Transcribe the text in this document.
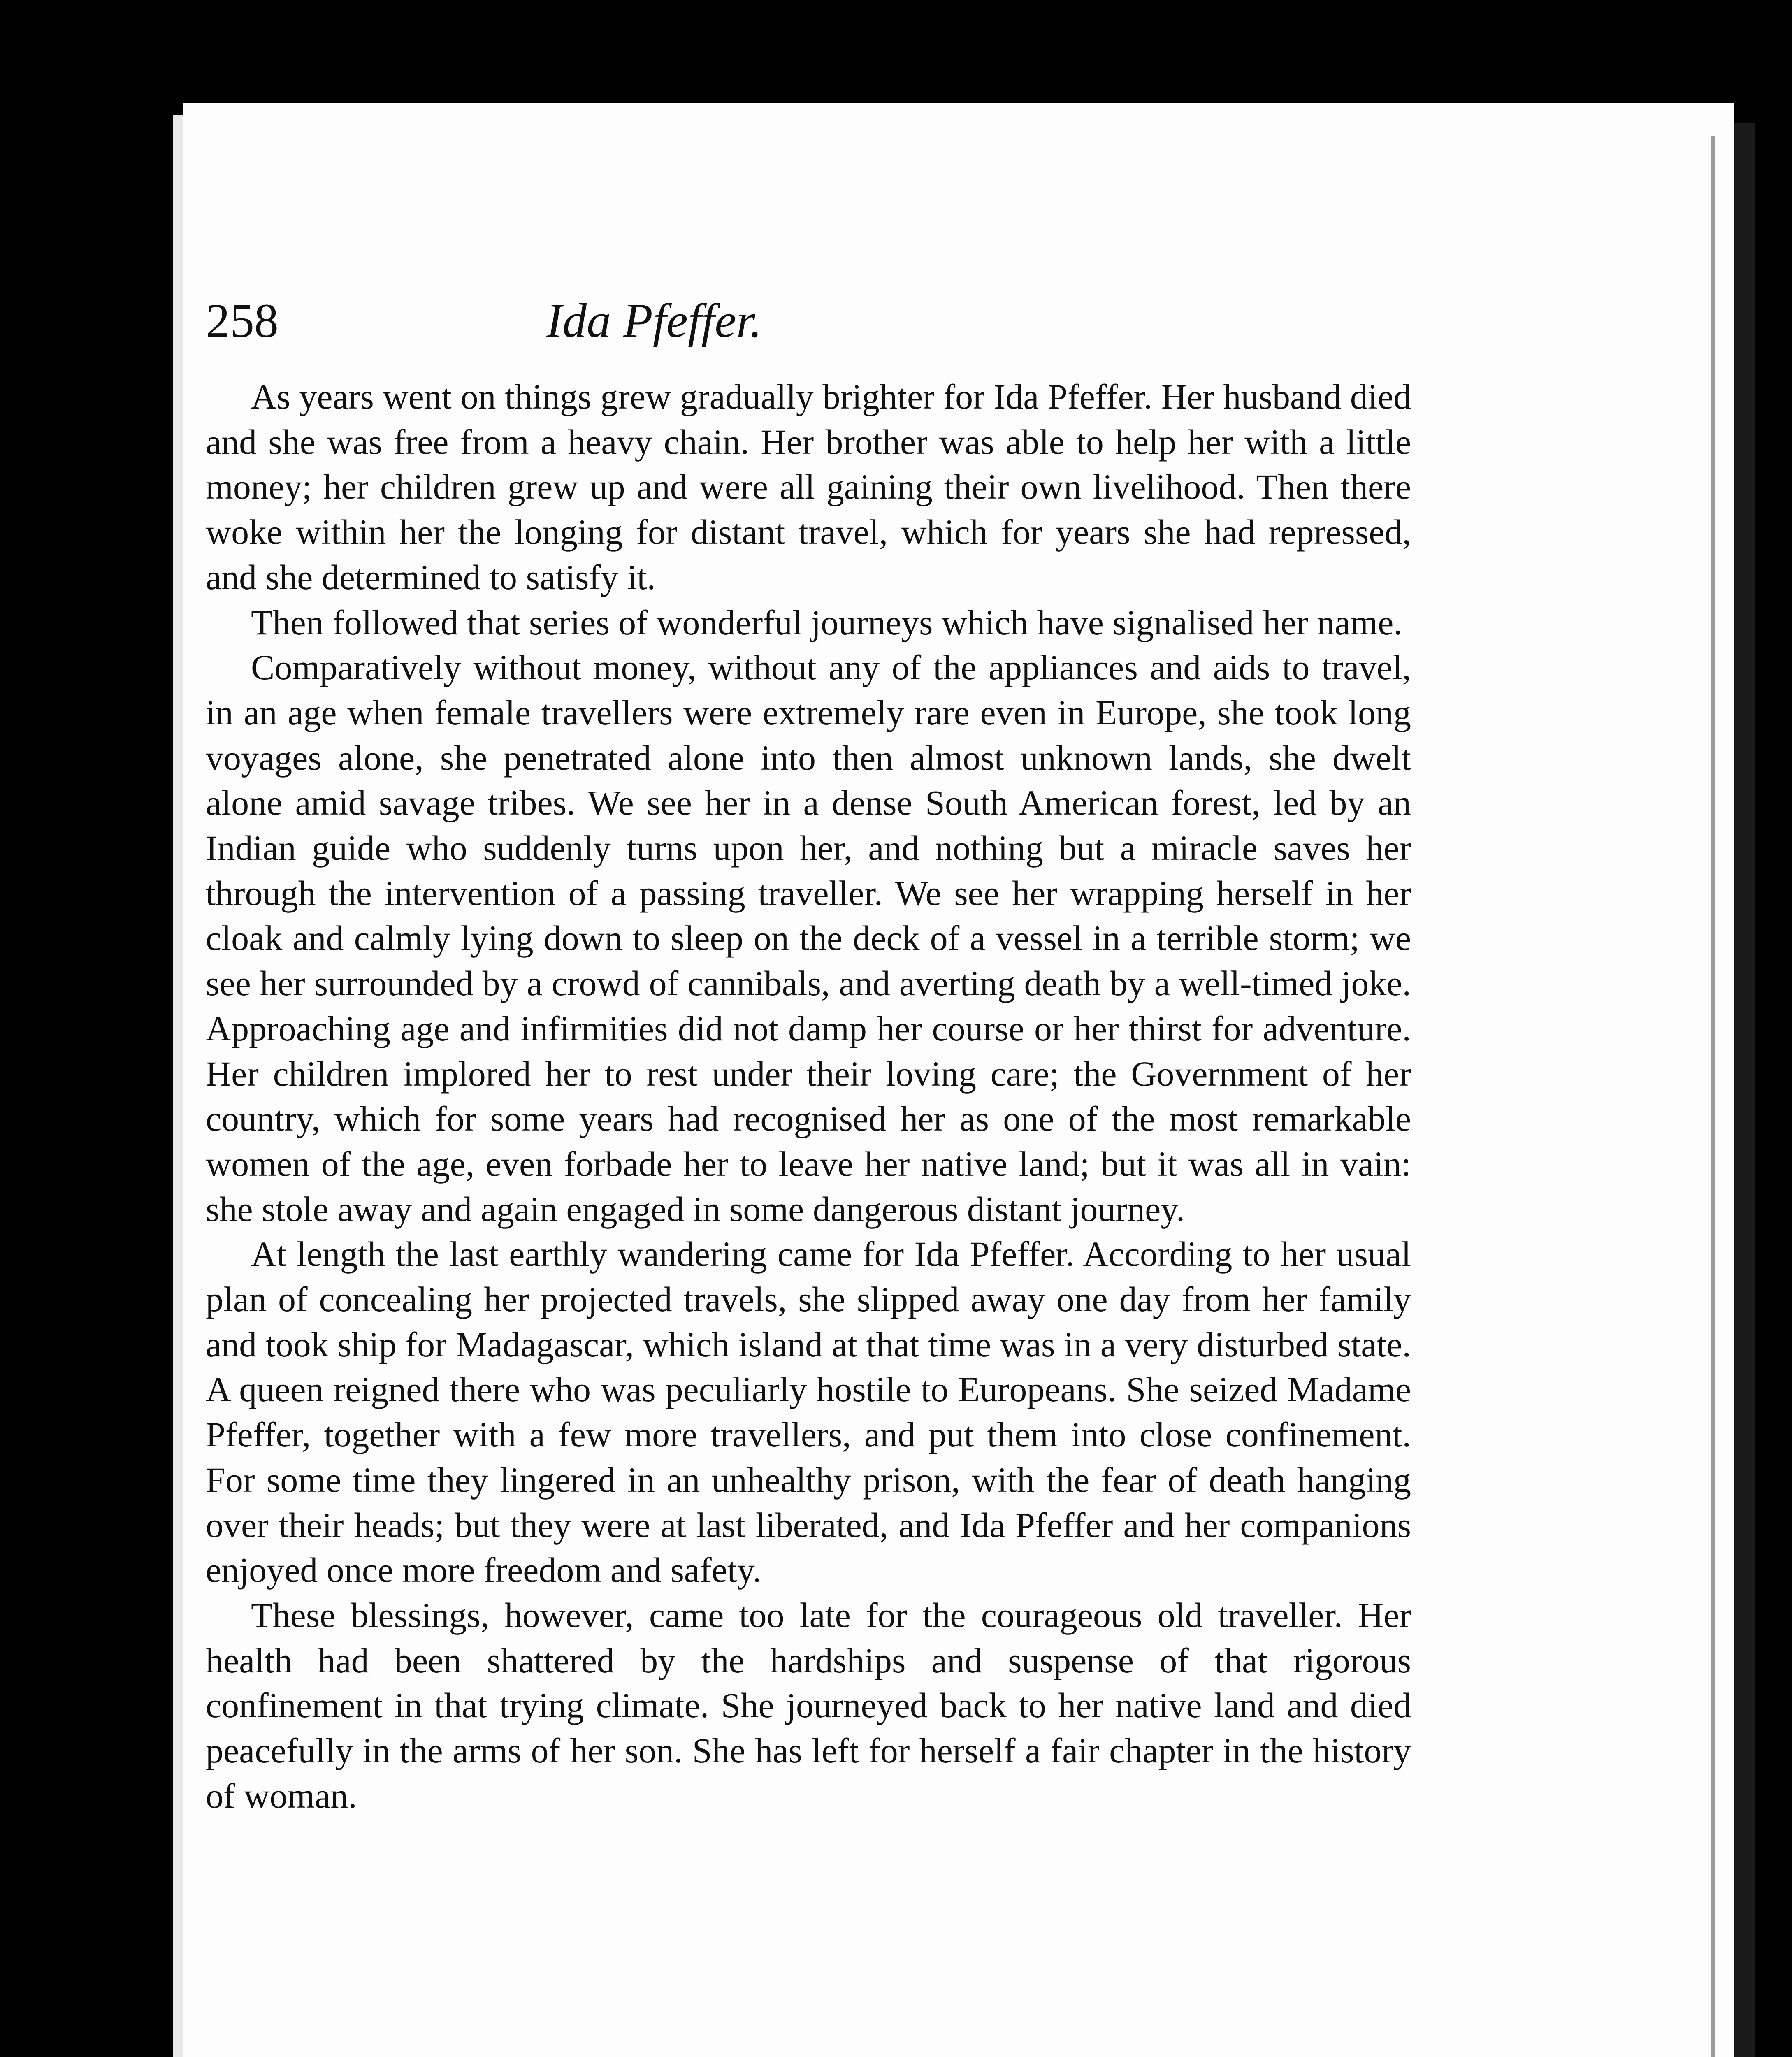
258	Ida Pfeffer.

As years went on things grew gradually brighter for Ida Pfeffer. Her husband died and she was free from a heavy chain. Her brother was able to help her with a little money; her children grew up and were all gaining their own livelihood. Then there woke within her the longing for distant travel, which for years she had repressed, and she determined to satisfy it.

Then followed that series of wonderful journeys which have signalised her name.

Comparatively without money, without any of the appliances and aids to travel, in an age when female travellers were extremely rare even in Europe, she took long voyages alone, she penetrated alone into then almost unknown lands, she dwelt alone amid savage tribes. We see her in a dense South American forest, led by an Indian guide who suddenly turns upon her, and nothing but a miracle saves her through the intervention of a passing traveller. We see her wrapping herself in her cloak and calmly lying down to sleep on the deck of a vessel in a terrible storm; we see her surrounded by a crowd of cannibals, and averting death by a well-timed joke. Approaching age and infirmities did not damp her course or her thirst for adventure. Her children implored her to rest under their loving care; the Government of her country, which for some years had recognised her as one of the most remarkable women of the age, even forbade her to leave her native land; but it was all in vain: she stole away and again engaged in some dangerous distant journey.

At length the last earthly wandering came for Ida Pfeffer. According to her usual plan of concealing her projected travels, she slipped away one day from her family and took ship for Madagascar, which island at that time was in a very disturbed state. A queen reigned there who was peculiarly hostile to Europeans. She seized Madame Pfeffer, together with a few more travellers, and put them into close confinement. For some time they lingered in an unhealthy prison, with the fear of death hanging over their heads; but they were at last liberated, and Ida Pfeffer and her companions enjoyed once more freedom and safety.

These blessings, however, came too late for the courageous old traveller. Her health had been shattered by the hardships and suspense of that rigorous confinement in that trying climate. She journeyed back to her native land and died peacefully in the arms of her son. She has left for herself a fair chapter in the history of woman.
